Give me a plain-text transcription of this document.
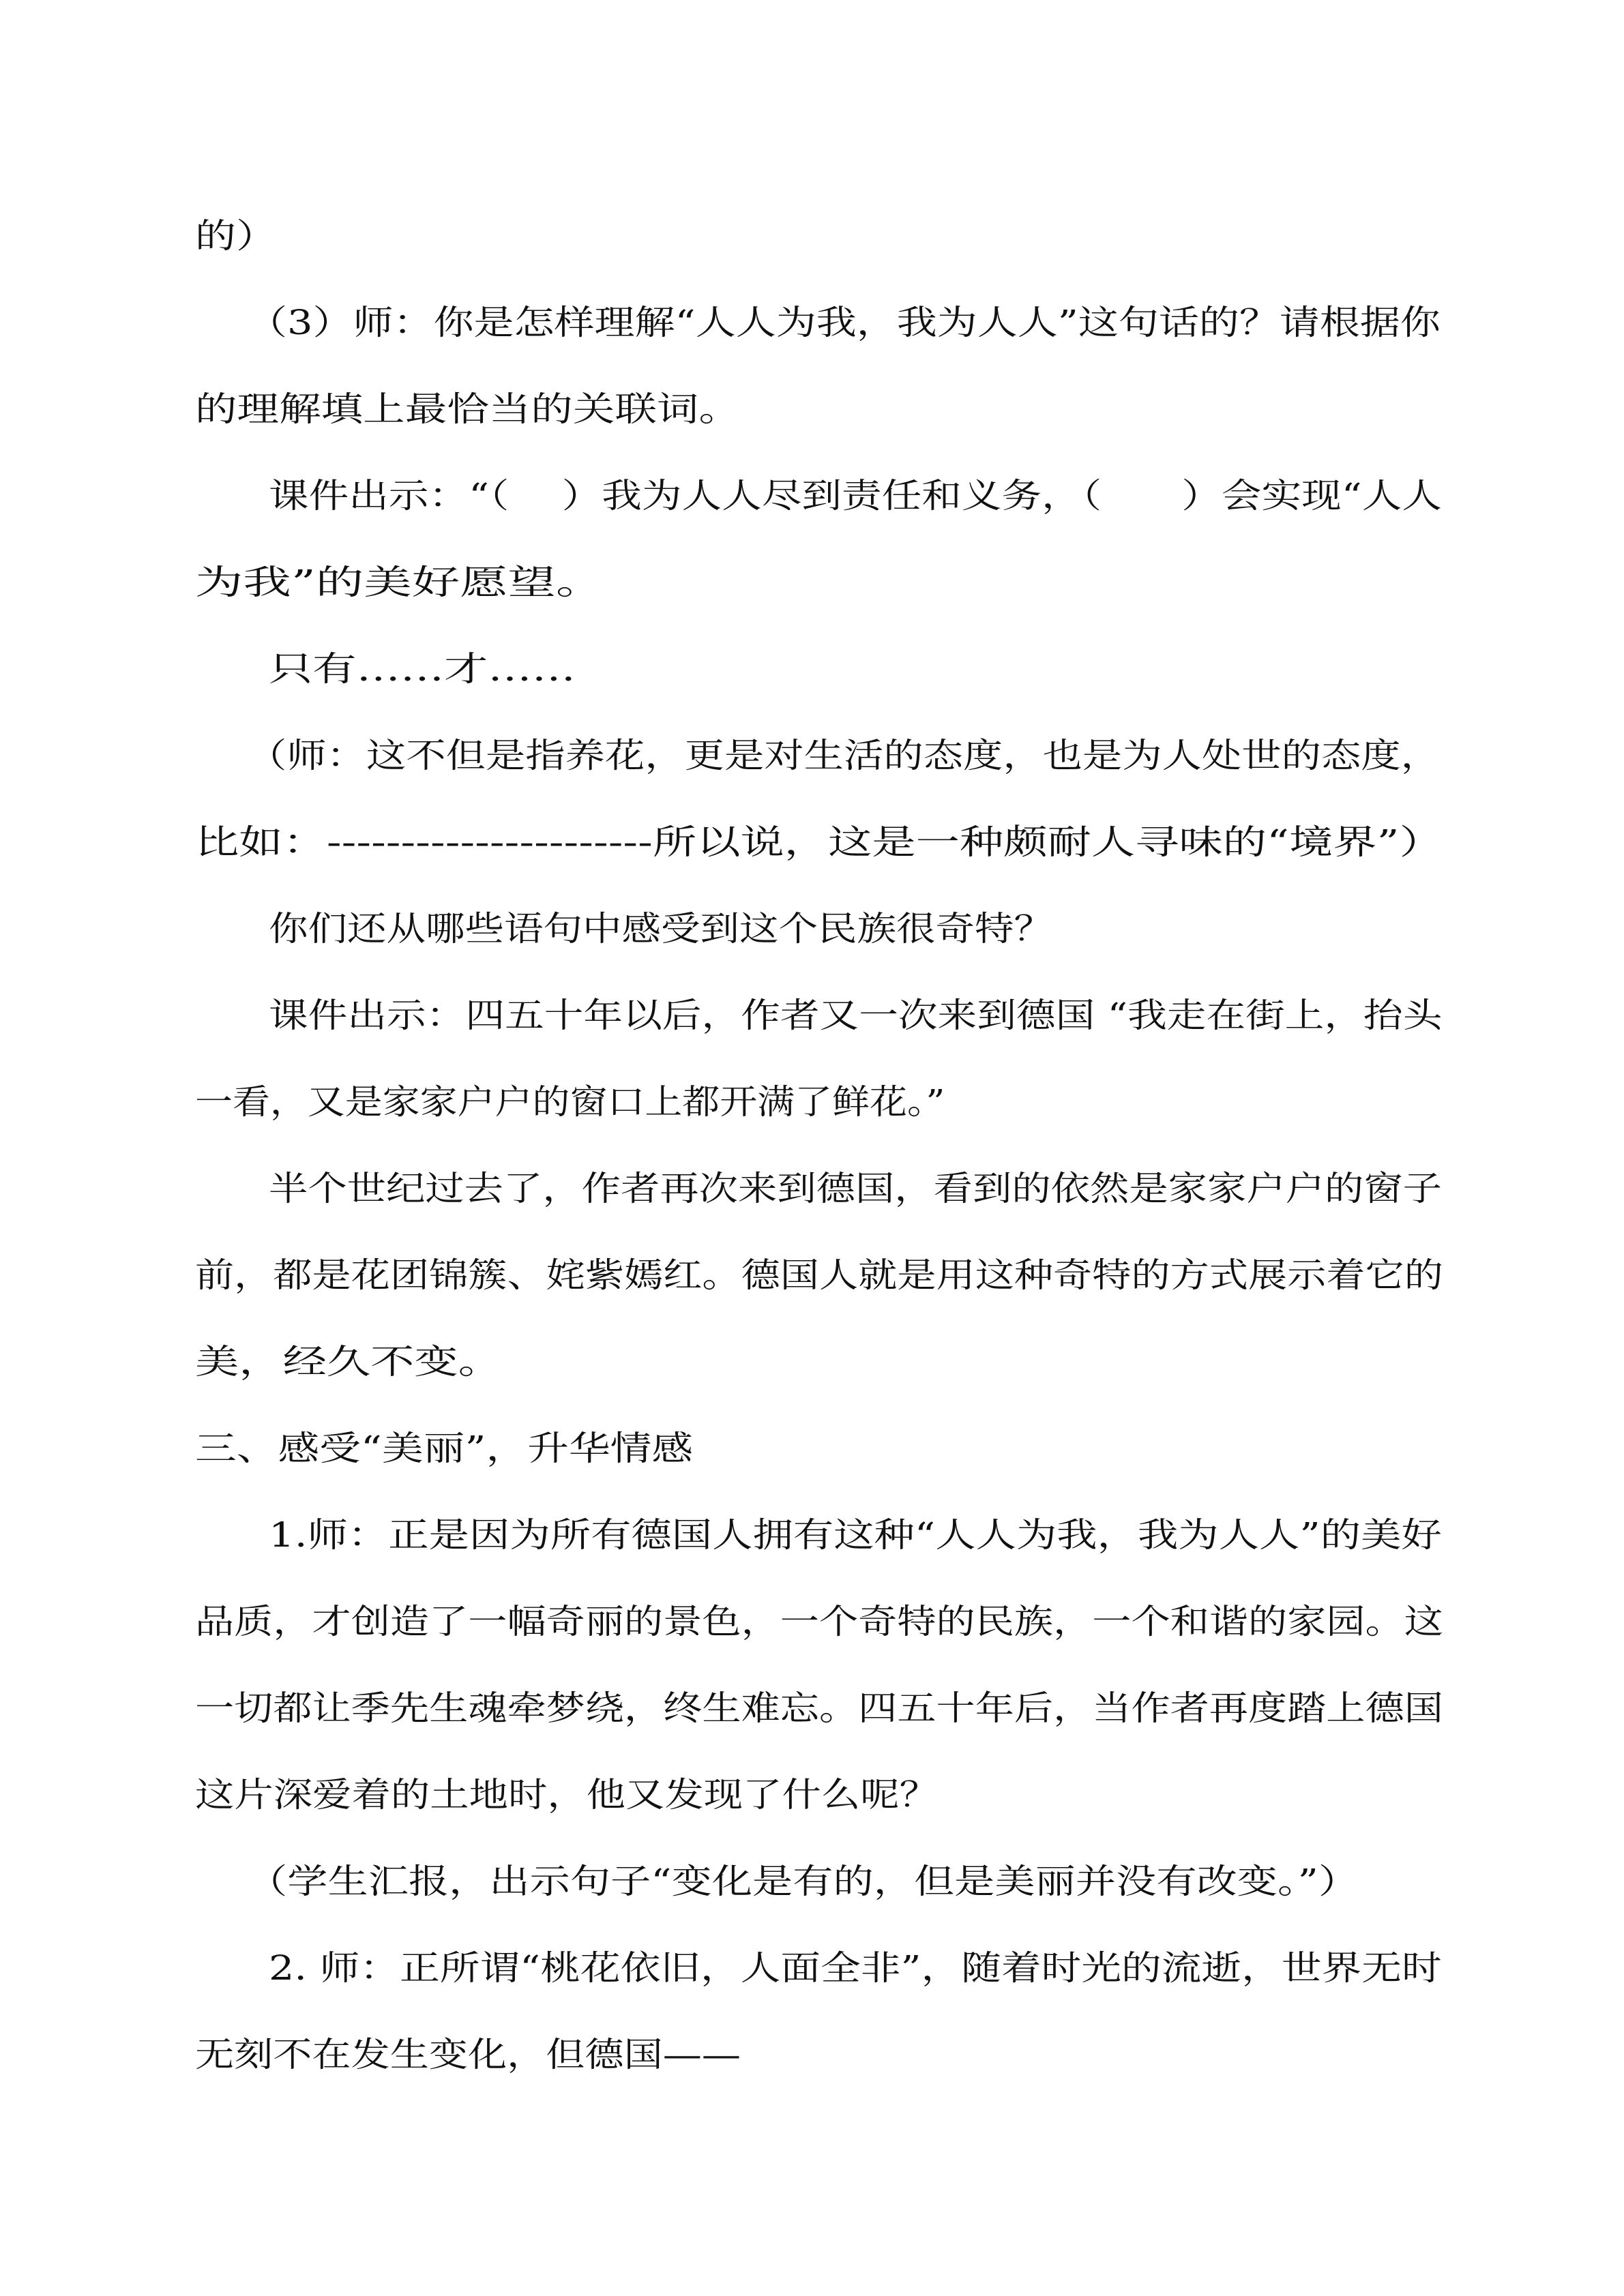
的）
（3）师：你是怎样理解“人人为我，我为人人”这句话的？请根据你
的理解填上最恰当的关联词。
课件出示：“（　 ）我为人人尽到责任和义务，（　　）会实现“人人
为我”的美好愿望。
只有……才……
（师：这不但是指养花，更是对生活的态度，也是为人处世的态度，
比如：----------------------所以说，这是一种颇耐人寻味的“境界”）
你们还从哪些语句中感受到这个民族很奇特？
课件出示：四五十年以后，作者又一次来到德国 “我走在街上，抬头
一看，又是家家户户的窗口上都开满了鲜花。”
半个世纪过去了，作者再次来到德国，看到的依然是家家户户的窗子
前，都是花团锦簇、姹紫嫣红。德国人就是用这种奇特的方式展示着它的
美，经久不变。
三、感受“美丽”，升华情感
1.师：正是因为所有德国人拥有这种“人人为我，我为人人”的美好
品质，才创造了一幅奇丽的景色，一个奇特的民族，一个和谐的家园。这
一切都让季先生魂牵梦绕，终生难忘。四五十年后，当作者再度踏上德国
这片深爱着的土地时，他又发现了什么呢？
（学生汇报，出示句子“变化是有的，但是美丽并没有改变。”）
2. 师：正所谓“桃花依旧，人面全非”，随着时光的流逝，世界无时
无刻不在发生变化，但德国——
